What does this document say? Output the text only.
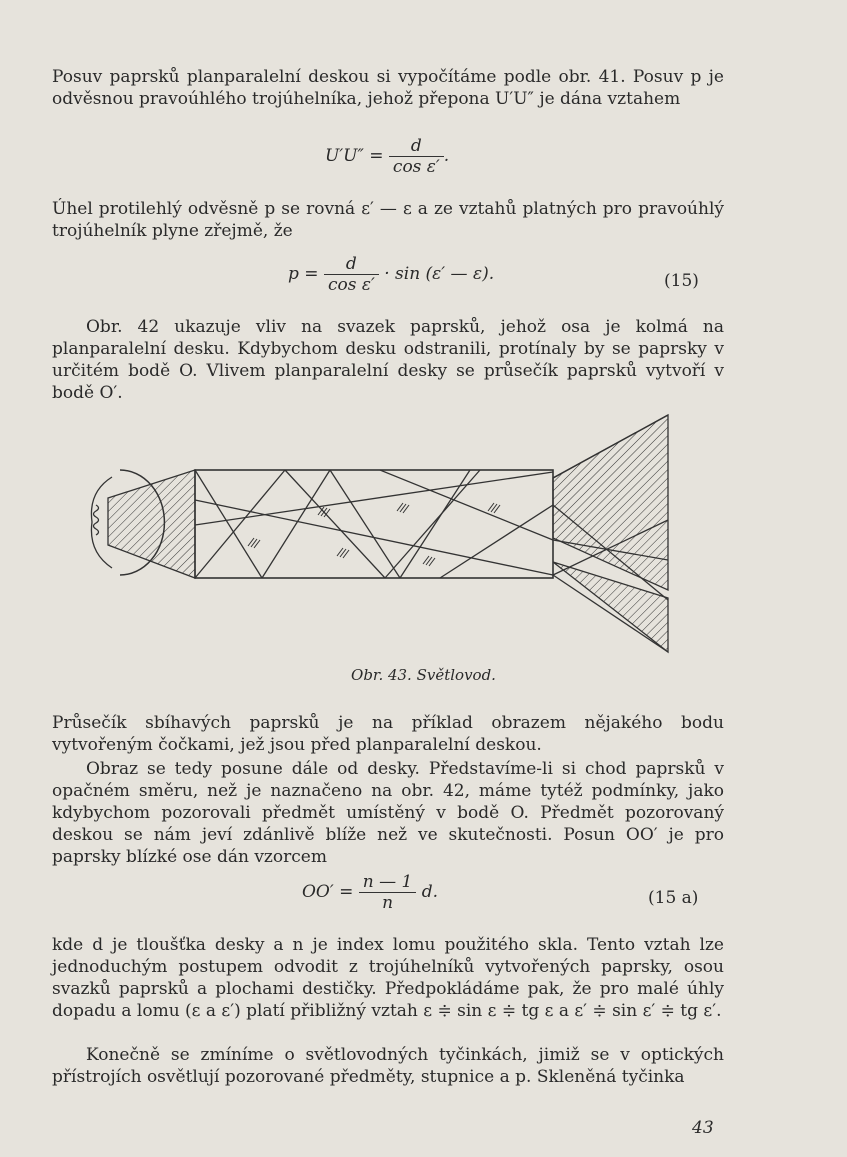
Posuv paprsků planparalelní deskou si vypočítáme podle obr. 41. Posuv p je odvěsnou pravoúhlého trojúhelníka, jehož přepona U′U″ je dána vztahem

$U'U'' = \frac{d}{\text{cos ε′}}$ .

Úhel protilehlý odvěsně p se rovná ε′ — ε a ze vztahů platných pro pravoúhlý trojúhelník plyne zřejmě, že

$p = \frac{d}{\text{cos ε′}} \cdot \sin (\varepsilon'$ — ε).	(15)

Obr. 42 ukazuje vliv na svazek paprsků, jehož osa je kolmá na planparalelní desku. Kdybychom desku odstranili, protínaly by se paprsky v určitém bodě O. Vlivem planparalelní desky se průsečík paprsků vytvoří v bodě O′.

Obr. 43. Světlovod.

Průsečík sbíhavých paprsků je na příklad obrazem nějakého bodu vytvořeným čočkami, jež jsou před planparalelní deskou.

Obraz se tedy posune dále od desky. Představíme-li si chod paprsků v opačném směru, než je naznačeno na obr. 42, máme tytéž podmínky, jako kdybychom pozorovali předmět umístěný v bodě O. Předmět pozorovaný deskou se nám jeví zdánlivě blíže než ve skutečnosti. Posun OO′ je pro paprsky blízké ose dán vzorcem

$OO' = \frac{n — 1}{n} d$.	(15 a)

kde d je tloušťka desky a n je index lomu použitého skla. Tento vztah lze jednoduchým postupem odvodit z trojúhelníků vytvořených paprsky, osou svazků paprsků a plochami destičky. Předpokládáme pak, že pro malé úhly dopadu a lomu (ε a ε′) platí přibližný vztah ε ≑ sin ε ≑ tg ε a ε′ ≑ sin ε′ ≑ tg ε′.

Konečně se zmíníme o světlovodných tyčinkách, jimiž se v optických přístrojích osvětlují pozorované předměty, stupnice a p. Skleněná tyčinka

43
